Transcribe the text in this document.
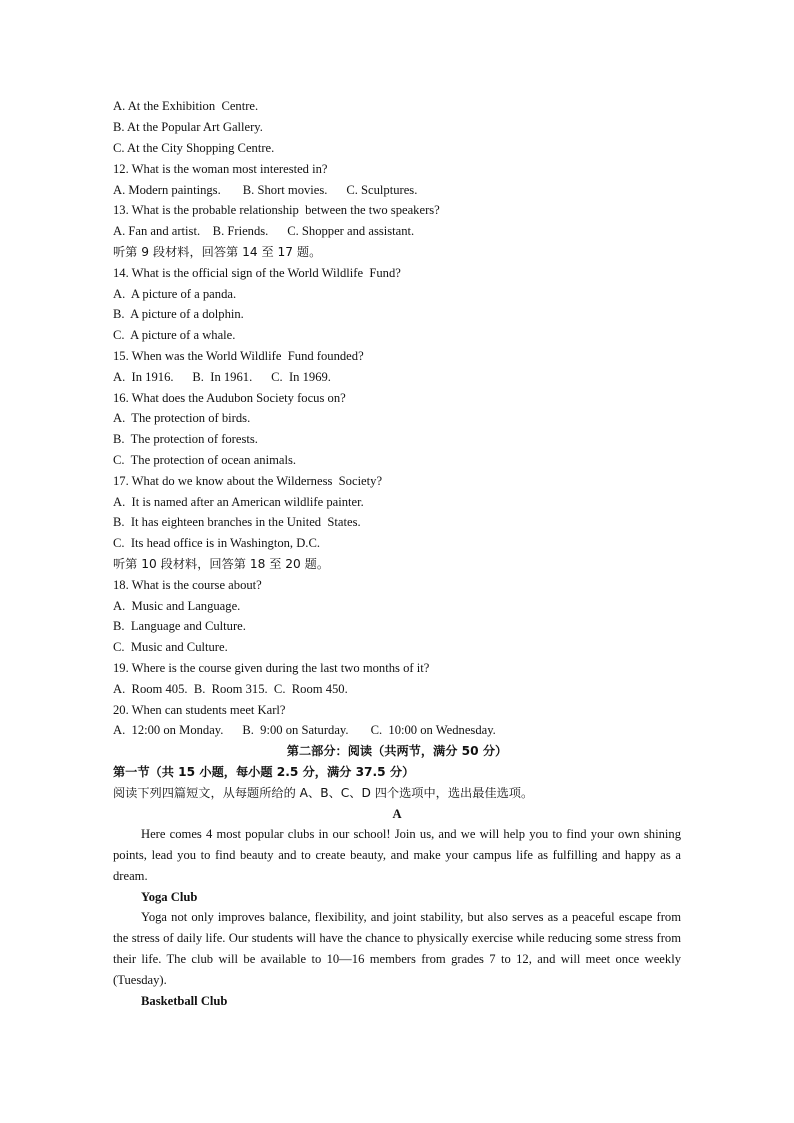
A. At the Exhibition  Centre.
B. At the Popular Art Gallery.
C. At the City Shopping Centre.
12. What is the woman most interested in?
A. Modern paintings.       B. Short movies.      C. Sculptures.
13. What is the probable relationship  between the two speakers?
A. Fan and artist.    B. Friends.      C. Shopper and assistant.
听第 9 段材料，回答第 14 至 17 题。
14. What is the official sign of the World Wildlife  Fund?
A.  A picture of a panda.
B.  A picture of a dolphin.
C.  A picture of a whale.
15. When was the World Wildlife  Fund founded?
A.  In 1916.      B.  In 1961.      C.  In 1969.
16. What does the Audubon Society focus on?
A.  The protection of birds.
B.  The protection of forests.
C.  The protection of ocean animals.
17. What do we know about the Wilderness  Society?
A.  It is named after an American wildlife painter.
B.  It has eighteen branches in the United  States.
C.  Its head office is in Washington, D.C.
听第 10 段材料，回答第 18 至 20 题。
18. What is the course about?
A.  Music and Language.
B.  Language and Culture.
C.  Music and Culture.
19. Where is the course given during the last two months of it?
A.  Room 405.  B.  Room 315.  C.  Room 450.
20. When can students meet Karl?
A.  12:00 on Monday.      B.  9:00 on Saturday.       C.  10:00 on Wednesday.
第二部分：阅读（共两节，满分 50 分）
第一节（共 15 小题，每小题 2.5 分，满分 37.5 分）
阅读下列四篇短文，从每题所给的 A、B、C、D 四个选项中，选出最佳选项。
A

Here comes 4 most popular clubs in our school! Join us, and we will help you to find your own shining points, lead you to find beauty and to create beauty, and make your campus life as fulfilling and happy as a dream.

Yoga Club

Yoga not only improves balance, flexibility, and joint stability, but also serves as a peaceful escape from the stress of daily life. Our students will have the chance to physically exercise while reducing some stress from their life. The club will be available to 10—16 members from grades 7 to 12, and will meet once weekly (Tuesday).

Basketball Club
